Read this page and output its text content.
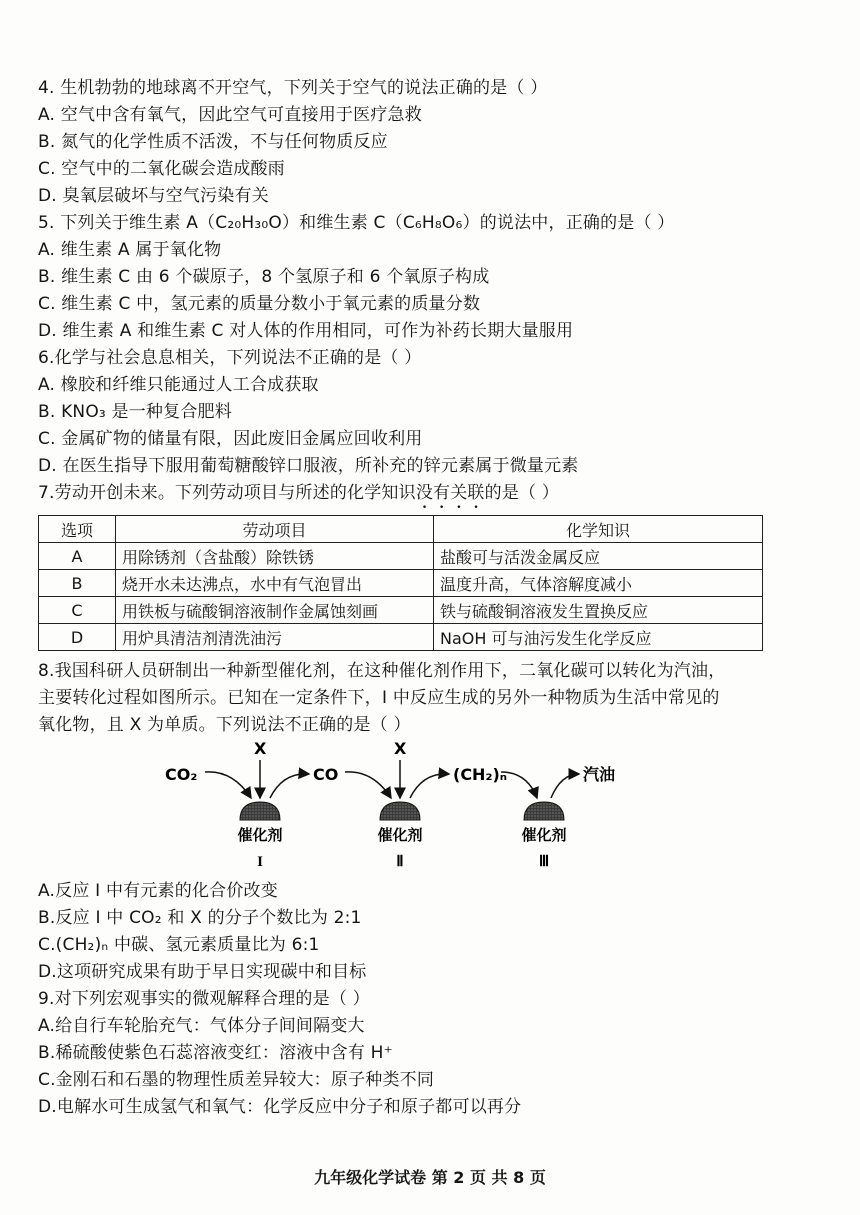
4. 生机勃勃的地球离不开空气，下列关于空气的说法正确的是（ ）
A. 空气中含有氧气，因此空气可直接用于医疗急救
B. 氮气的化学性质不活泼，不与任何物质反应
C. 空气中的二氧化碳会造成酸雨
D. 臭氧层破坏与空气污染有关
5. 下列关于维生素 A（C₂₀H₃₀O）和维生素 C（C₆H₈O₆）的说法中，正确的是（ ）
A. 维生素 A 属于氧化物
B. 维生素 C 由 6 个碳原子，8 个氢原子和 6 个氧原子构成
C. 维生素 C 中，氢元素的质量分数小于氧元素的质量分数
D. 维生素 A 和维生素 C 对人体的作用相同，可作为补药长期大量服用
6.化学与社会息息相关，下列说法不正确的是（ ）
A. 橡胶和纤维只能通过人工合成获取
B. KNO₃ 是一种复合肥料
C. 金属矿物的储量有限，因此废旧金属应回收利用
D. 在医生指导下服用葡萄糖酸锌口服液，所补充的锌元素属于微量元素
7.劳动开创未来。下列劳动项目与所述的化学知识没有关联的是（ ）
选项	劳动项目	化学知识
A	用除锈剂（含盐酸）除铁锈	盐酸可与活泼金属反应
B	烧开水未达沸点，水中有气泡冒出	温度升高，气体溶解度减小
C	用铁板与硫酸铜溶液制作金属蚀刻画	铁与硫酸铜溶液发生置换反应
D	用炉具清洁剂清洗油污	NaOH 可与油污发生化学反应
8.我国科研人员研制出一种新型催化剂，在这种催化剂作用下，二氧化碳可以转化为汽油，
主要转化过程如图所示。已知在一定条件下，I 中反应生成的另外一种物质为生活中常见的
氧化物，且 X 为单质。下列说法不正确的是（ ）
CO₂	CO	(CH₂)ₙ	汽油
X	X
催化剂	催化剂	催化剂
I	Ⅱ	Ⅲ
A.反应 I 中有元素的化合价改变
B.反应 I 中 CO₂ 和 X 的分子个数比为 2:1
C.(CH₂)ₙ 中碳、氢元素质量比为 6:1
D.这项研究成果有助于早日实现碳中和目标
9.对下列宏观事实的微观解释合理的是（ ）
A.给自行车轮胎充气：气体分子间间隔变大
B.稀硫酸使紫色石蕊溶液变红：溶液中含有 H⁺
C.金刚石和石墨的物理性质差异较大：原子种类不同
D.电解水可生成氢气和氧气：化学反应中分子和原子都可以再分
九年级化学试卷 第 2 页 共 8 页
